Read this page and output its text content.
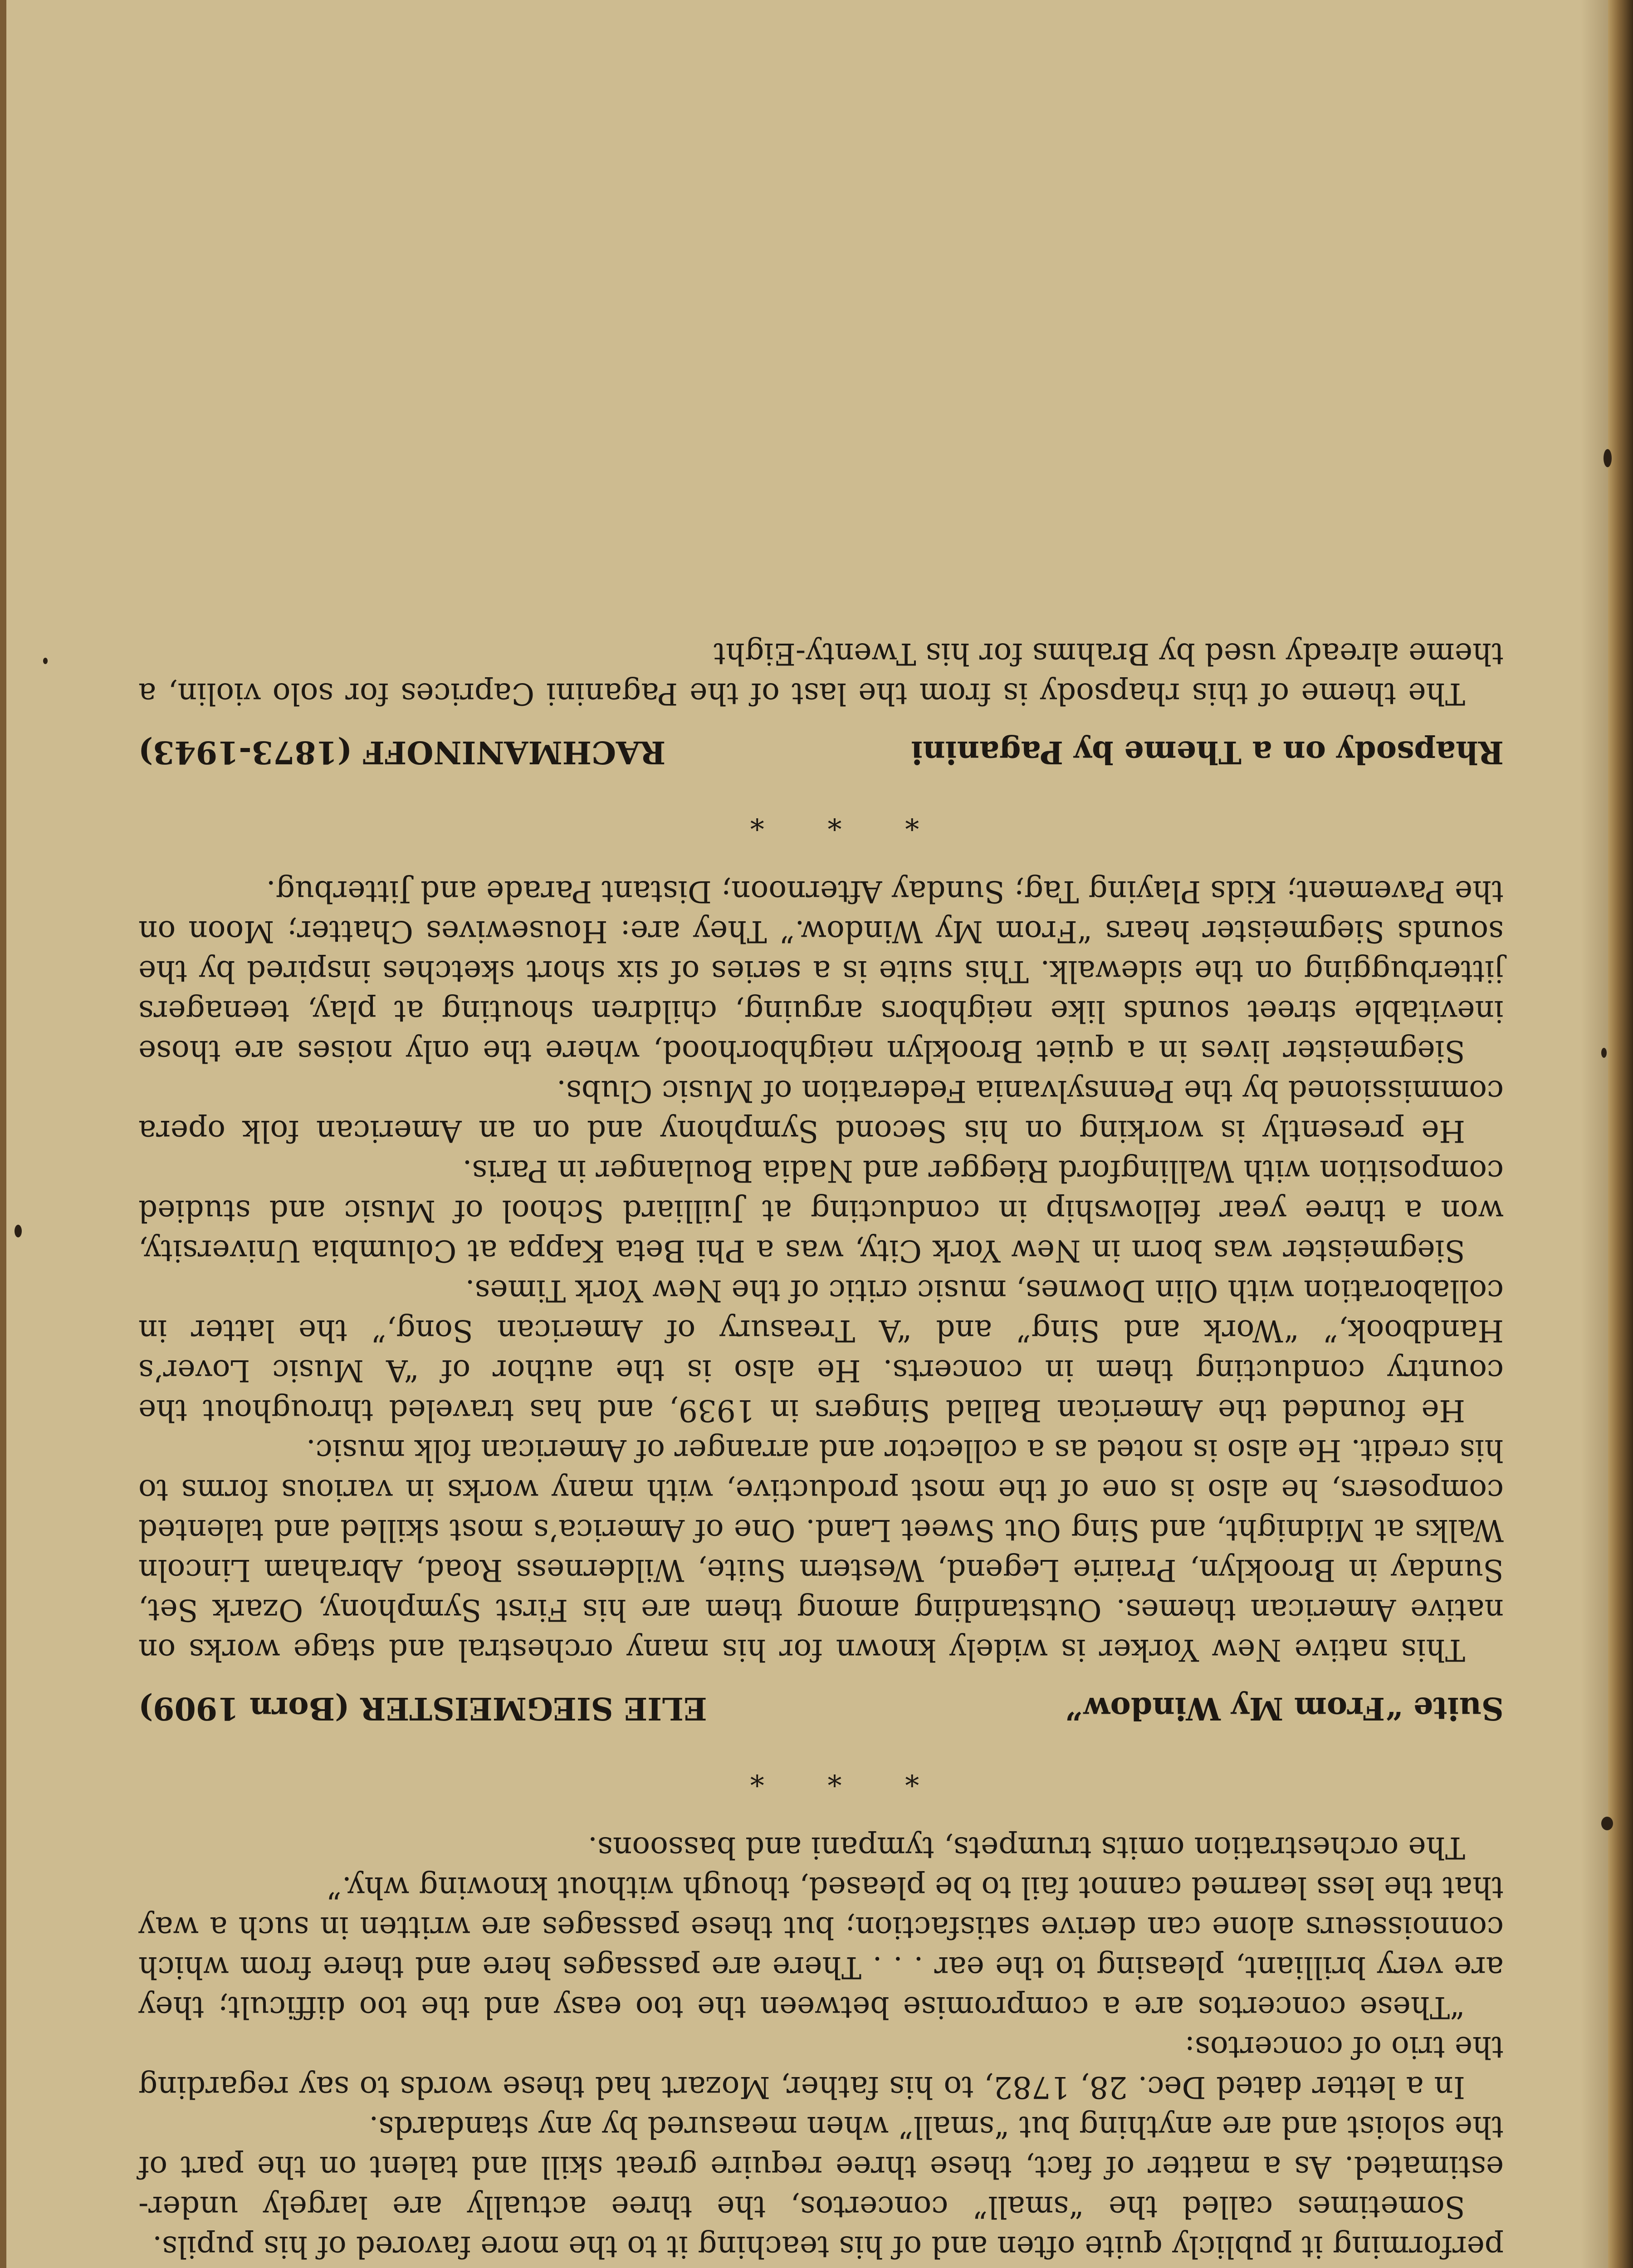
performing it publicly quite often and of his teaching it to the more favored of his pupils.

Sometimes called the “small” concertos, the three actually are largely under-estimated. As a matter of fact, these three require great skill and talent on the part of the soloist and are anything but “small” when measured by any standards.

In a letter dated Dec. 28, 1782, to his father, Mozart had these words to say regarding the trio of concertos:

“These concertos are a compromise between the too easy and the too difficult; they are very brilliant, pleasing to the ear . . . There are passages here and there from which connoisseurs alone can derive satisfaction; but these passages are written in such a way that the less learned cannot fail to be pleased, though without knowing why.”

The orchestration omits trumpets, tympani and bassoons.

* * *
Suite “From My Window”
ELIE SIEGMEISTER (Born 1909)

This native New Yorker is widely known for his many orchestral and stage works on native American themes. Outstanding among them are his First Symphony, Ozark Set, Sunday in Brooklyn, Prairie Legend, Western Suite, Wilderness Road, Abraham Lincoln Walks at Midnight, and Sing Out Sweet Land. One of America’s most skilled and talented composers, he also is one of the most productive, with many works in various forms to his credit. He also is noted as a collector and arranger of American folk music.

He founded the American Ballad Singers in 1939, and has traveled throughout the country conducting them in concerts. He also is the author of “A Music Lover’s Handbook,” “Work and Sing” and “A Treasury of American Song,” the latter in collaboration with Olin Downes, music critic of the New York Times.

Siegmeister was born in New York City, was a Phi Beta Kappa at Columbia University, won a three year fellowship in conducting at Juilliard School of Music and studied composition with Wallingford Riegger and Nadia Boulanger in Paris.

He presently is working on his Second Symphony and on an American folk opera commissioned by the Pennsylvania Federation of Music Clubs.

Siegmeister lives in a quiet Brooklyn neighborhood, where the only noises are those inevitable street sounds like neighbors arguing, children shouting at play, teenagers jitterbugging on the sidewalk. This suite is a series of six short sketches inspired by the sounds Siegmeister hears “From My Window.” They are: Housewives Chatter; Moon on the Pavement; Kids Playing Tag; Sunday Afternoon; Distant Parade and Jitterbug.

* * *
Rhapsody on a Theme by Paganini
RACHMANINOFF (1873-1943)

The theme of this rhapsody is from the last of the Paganini Caprices for solo violin, a theme already used by Brahms for his Twenty-Eight
